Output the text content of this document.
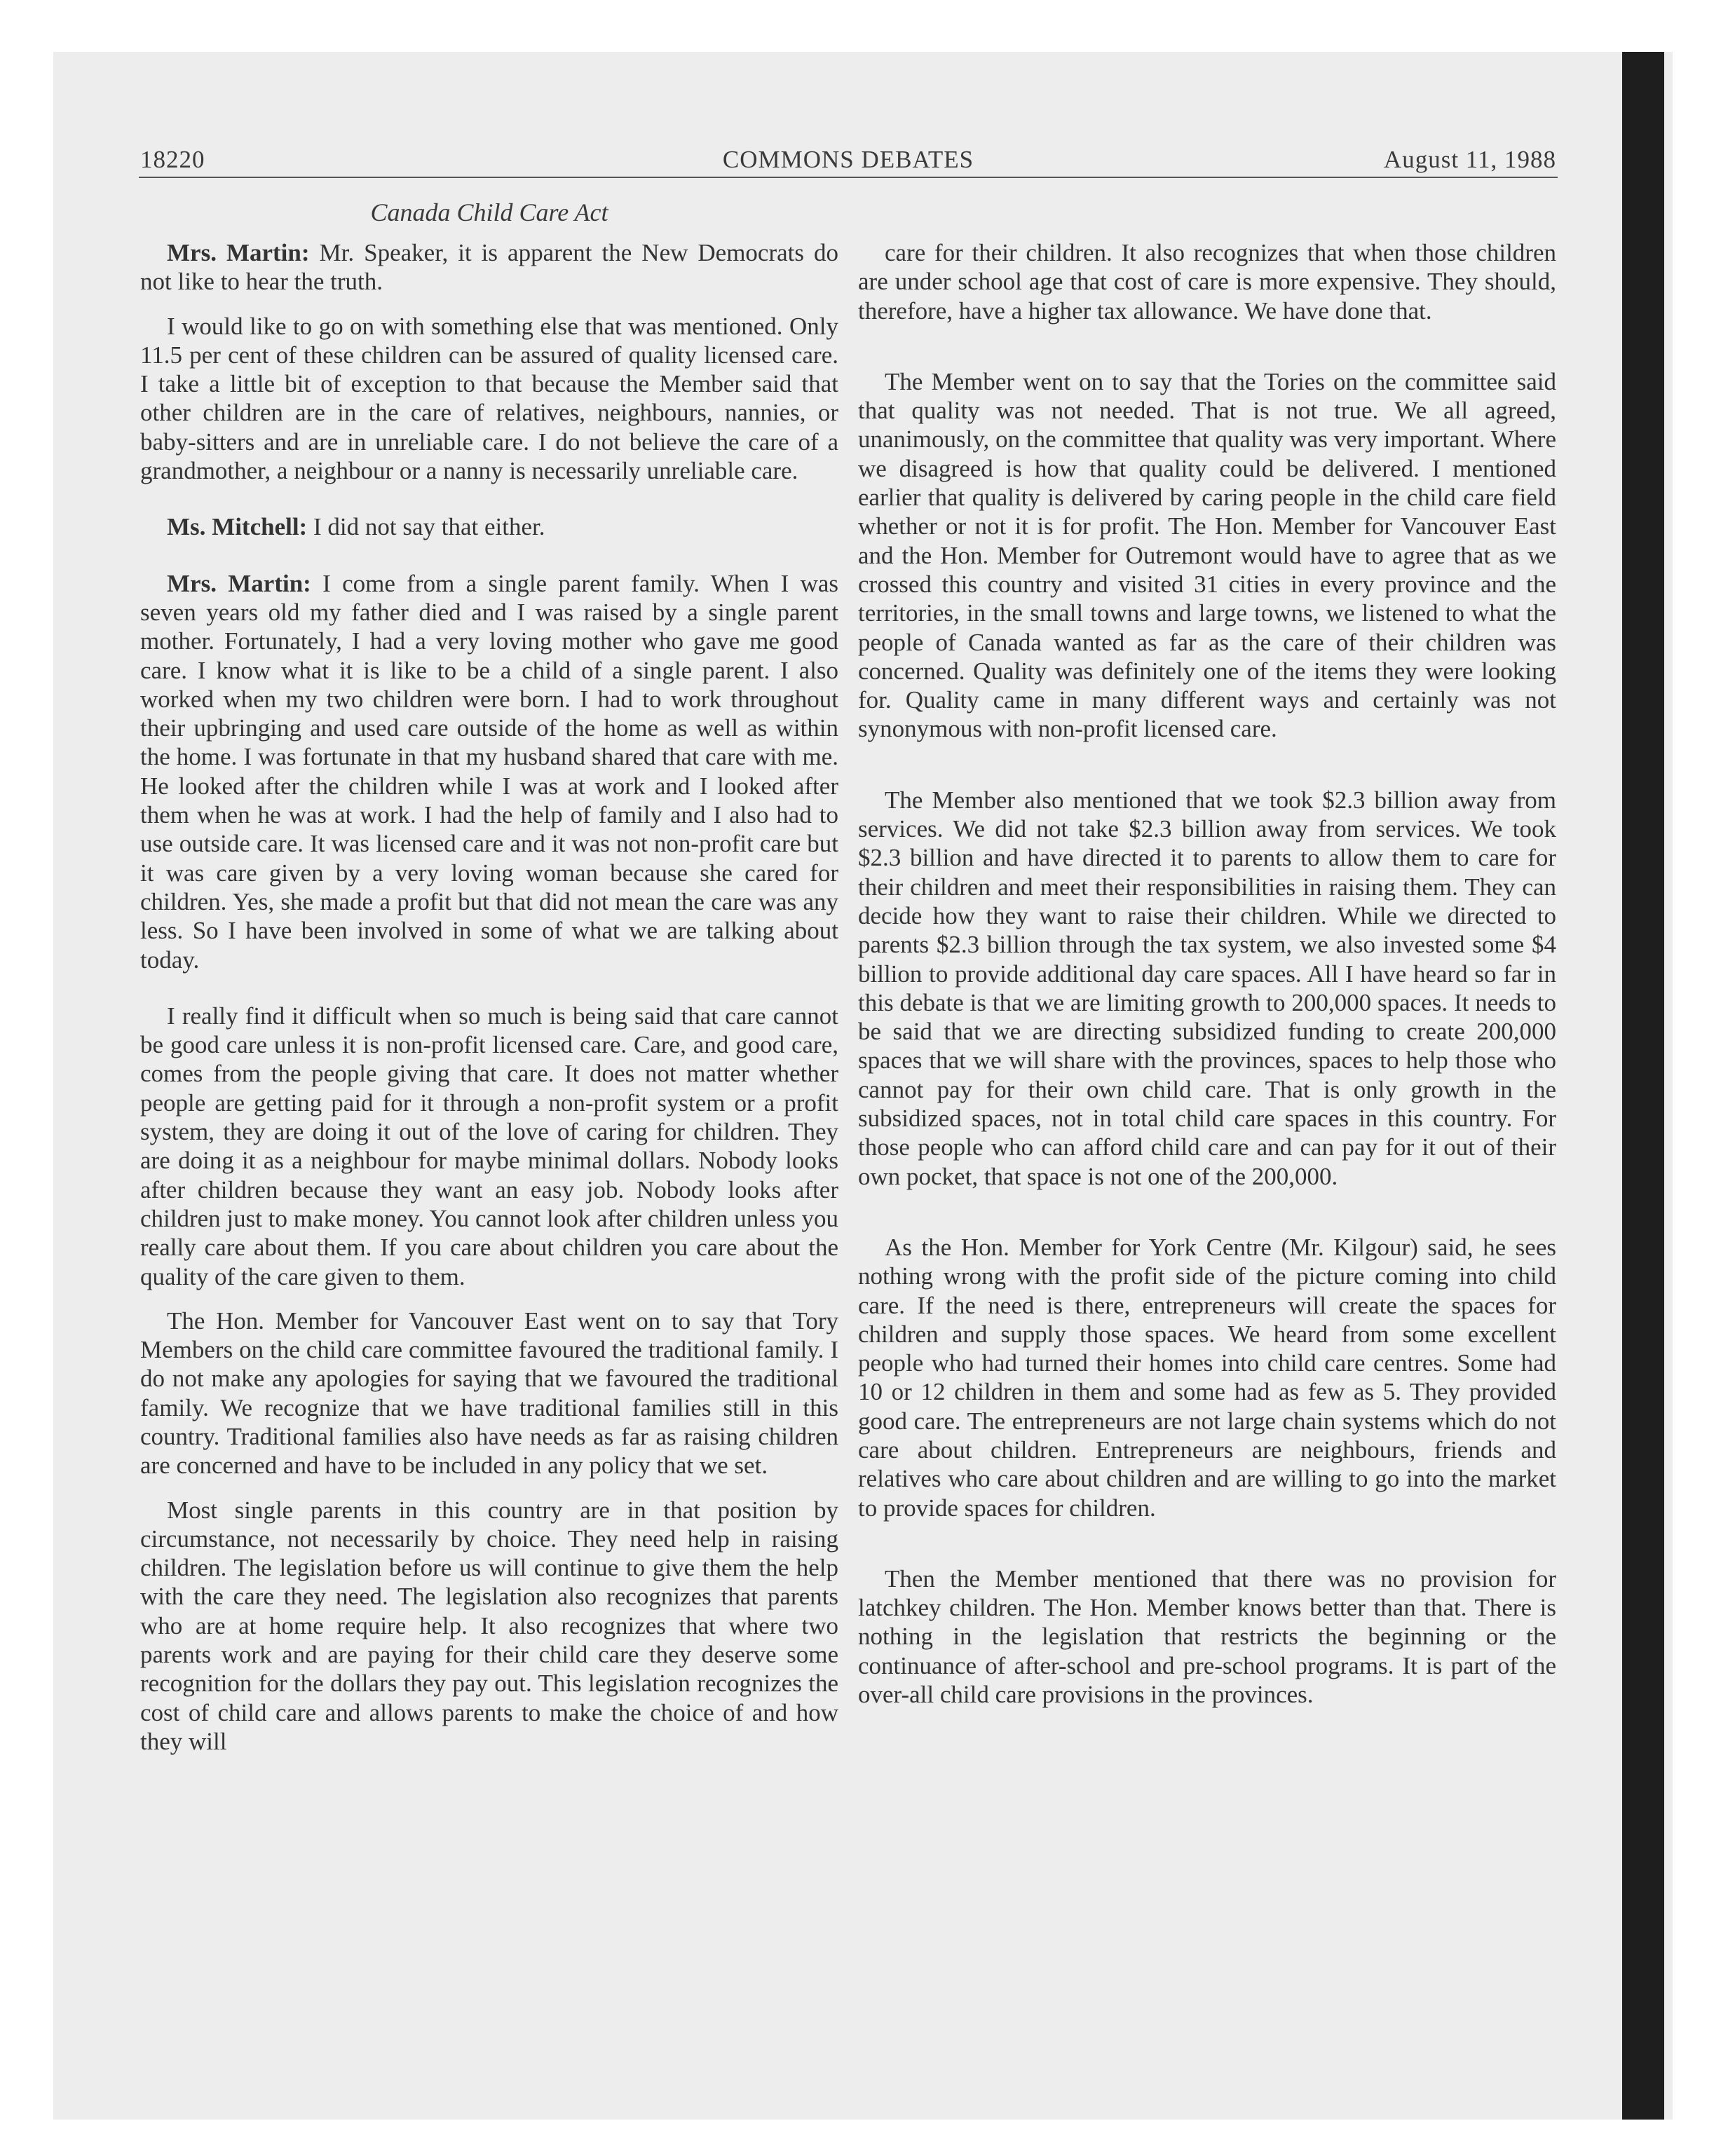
18220	COMMONS DEBATES	August 11, 1988
Canada Child Care Act

Mrs. Martin: Mr. Speaker, it is apparent the New Democrats do not like to hear the truth.

I would like to go on with something else that was mentioned. Only 11.5 per cent of these children can be assured of quality licensed care. I take a little bit of exception to that because the Member said that other children are in the care of relatives, neighbours, nannies, or baby-sitters and are in unreliable care. I do not believe the care of a grandmother, a neighbour or a nanny is necessarily unreliable care.

Ms. Mitchell: I did not say that either.

Mrs. Martin: I come from a single parent family. When I was seven years old my father died and I was raised by a single parent mother. Fortunately, I had a very loving mother who gave me good care. I know what it is like to be a child of a single parent. I also worked when my two children were born. I had to work throughout their upbringing and used care outside of the home as well as within the home. I was fortunate in that my husband shared that care with me. He looked after the children while I was at work and I looked after them when he was at work. I had the help of family and I also had to use outside care. It was licensed care and it was not non-profit care but it was care given by a very loving woman because she cared for children. Yes, she made a profit but that did not mean the care was any less. So I have been involved in some of what we are talking about today.

I really find it difficult when so much is being said that care cannot be good care unless it is non-profit licensed care. Care, and good care, comes from the people giving that care. It does not matter whether people are getting paid for it through a non-profit system or a profit system, they are doing it out of the love of caring for children. They are doing it as a neighbour for maybe minimal dollars. Nobody looks after children because they want an easy job. Nobody looks after children just to make money. You cannot look after children unless you really care about them. If you care about children you care about the quality of the care given to them.

The Hon. Member for Vancouver East went on to say that Tory Members on the child care committee favoured the traditional family. I do not make any apologies for saying that we favoured the traditional family. We recognize that we have traditional families still in this country. Traditional families also have needs as far as raising children are concerned and have to be included in any policy that we set.

Most single parents in this country are in that position by circumstance, not necessarily by choice. They need help in raising children. The legislation before us will continue to give them the help with the care they need. The legislation also recognizes that parents who are at home require help. It also recognizes that where two parents work and are paying for their child care they deserve some recognition for the dollars they pay out. This legislation recognizes the cost of child care and allows parents to make the choice of and how they will

care for their children. It also recognizes that when those children are under school age that cost of care is more expensive. They should, therefore, have a higher tax allowance. We have done that.

The Member went on to say that the Tories on the committee said that quality was not needed. That is not true. We all agreed, unanimously, on the committee that quality was very important. Where we disagreed is how that quality could be delivered. I mentioned earlier that quality is delivered by caring people in the child care field whether or not it is for profit. The Hon. Member for Vancouver East and the Hon. Member for Outremont would have to agree that as we crossed this country and visited 31 cities in every province and the territories, in the small towns and large towns, we listened to what the people of Canada wanted as far as the care of their children was concerned. Quality was definitely one of the items they were looking for. Quality came in many different ways and certainly was not synonymous with non-profit licensed care.

The Member also mentioned that we took $2.3 billion away from services. We did not take $2.3 billion away from services. We took $2.3 billion and have directed it to parents to allow them to care for their children and meet their responsibilities in raising them. They can decide how they want to raise their children. While we directed to parents $2.3 billion through the tax system, we also invested some $4 billion to provide additional day care spaces. All I have heard so far in this debate is that we are limiting growth to 200,000 spaces. It needs to be said that we are directing subsidized funding to create 200,000 spaces that we will share with the provinces, spaces to help those who cannot pay for their own child care. That is only growth in the subsidized spaces, not in total child care spaces in this country. For those people who can afford child care and can pay for it out of their own pocket, that space is not one of the 200,000.

As the Hon. Member for York Centre (Mr. Kilgour) said, he sees nothing wrong with the profit side of the picture coming into child care. If the need is there, entrepreneurs will create the spaces for children and supply those spaces. We heard from some excellent people who had turned their homes into child care centres. Some had 10 or 12 children in them and some had as few as 5. They provided good care. The entrepreneurs are not large chain systems which do not care about children. Entrepreneurs are neighbours, friends and relatives who care about children and are willing to go into the market to provide spaces for children.

Then the Member mentioned that there was no provision for latchkey children. The Hon. Member knows better than that. There is nothing in the legislation that restricts the beginning or the continuance of after-school and pre-school programs. It is part of the over-all child care provisions in the provinces.
